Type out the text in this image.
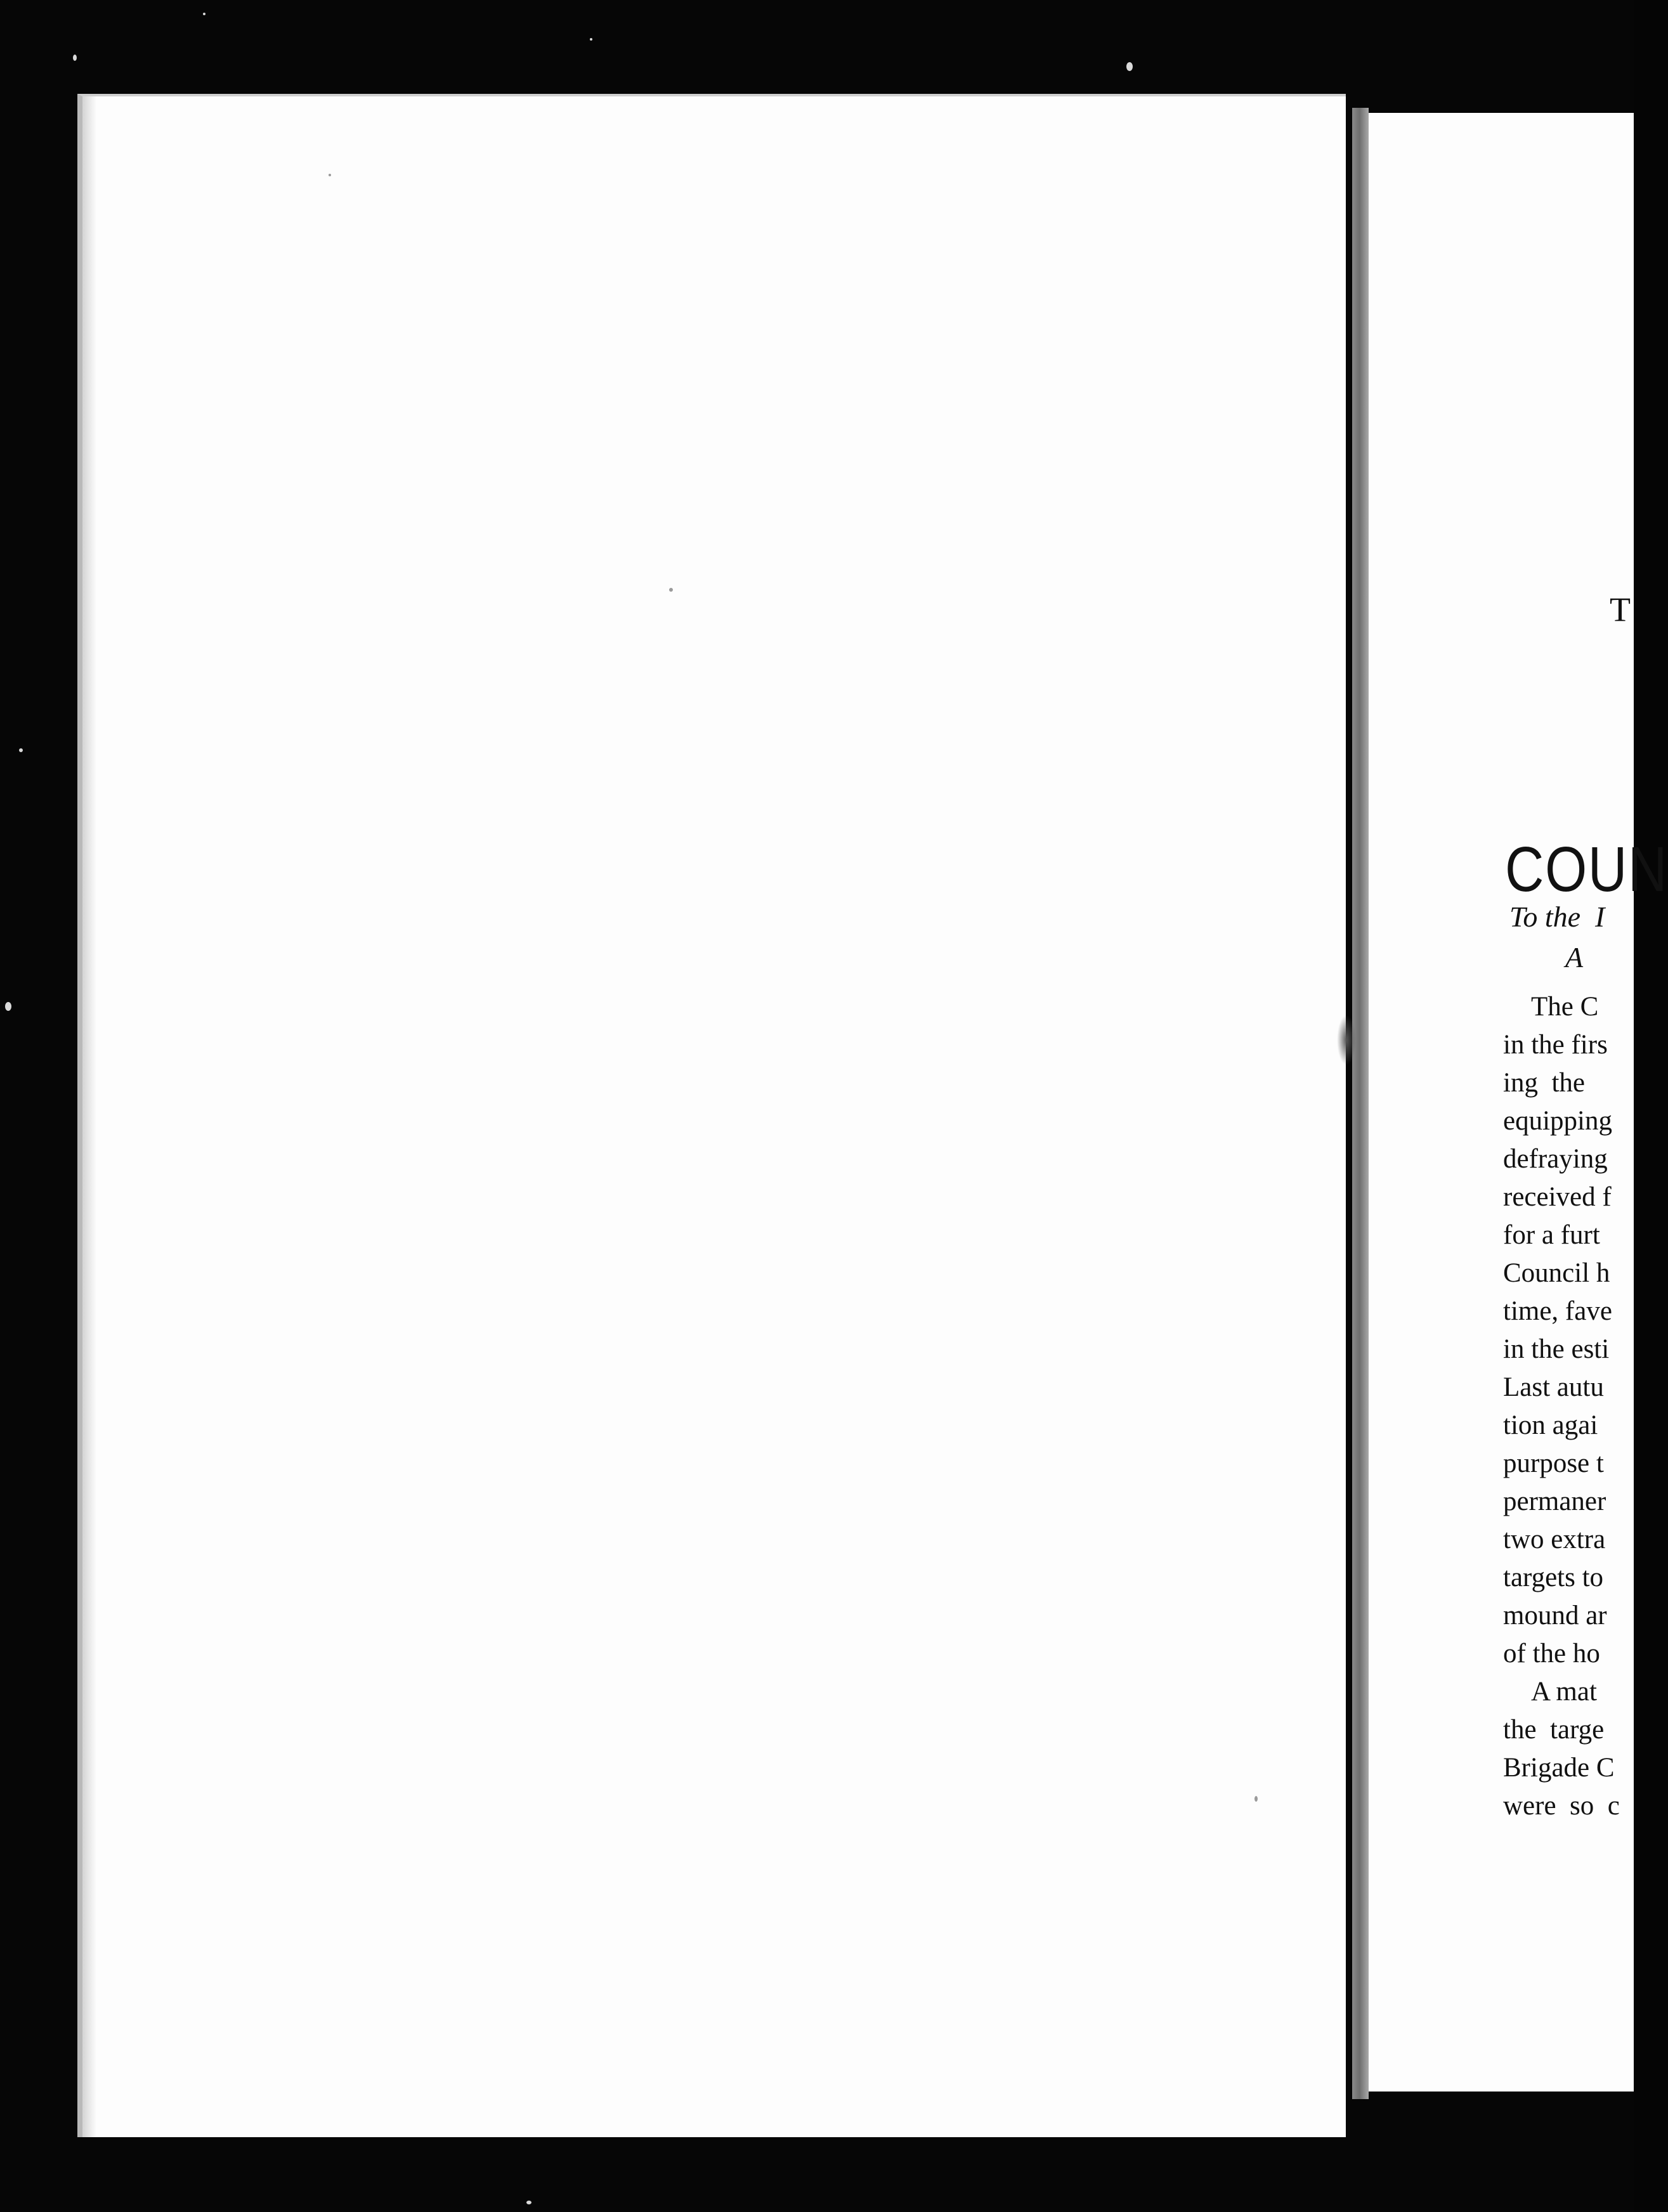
T
COUN
To the  I
A
The C
in the firs
ing  the
equipping
defraying
received f
for a furt
Council h
time, fave
in the esti
Last autu
tion agai
purpose t
permaner
two extra
targets to
mound ar
of the ho
A mat
the  targe
Brigade C
were  so  c
